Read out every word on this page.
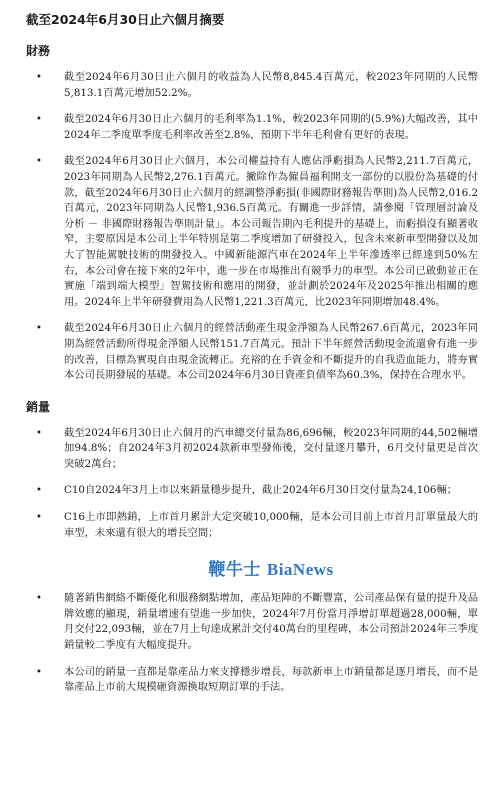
截至2024年6月30日止六個月摘要
財務
• 截至2024年6月30日止六個月的收益為人民幣8,845.4百萬元，較2023年同期的人民幣5,813.1百萬元增加52.2%。
• 截至2024年6月30日止六個月的毛利率為1.1%，較2023年同期的(5.9%)大幅改善，其中2024年二季度單季度毛利率改善至2.8%，預期下半年毛利會有更好的表現。
• 截至2024年6月30日止六個月，本公司權益持有人應佔淨虧損為人民幣2,211.7百萬元，2023年同期為人民幣2,276.1百萬元。撇除作為僱員福利開支一部份的以股份為基礎的付款，截至2024年6月30日止六個月的經調整淨虧損(非國際財務報告準則)為人民幣2,016.2百萬元，2023年同期為人民幣1,936.5百萬元。有關進一步詳情，請參閱「管理層討論及分析 － 非國際財務報告準則計量」。本公司報告期內毛利提升的基礎上，而虧損沒有顯著收窄，主要原因是本公司上半年特別是第二季度增加了研發投入，包含未來新車型開發以及加大了智能駕駛技術的開發投入。中國新能源汽車在2024年上半年滲透率已經達到50%左右，本公司會在接下來的2年中，進一步在市場推出有競爭力的車型。本公司已啟動並正在實施「端到端大模型」智駕技術和應用的開發，並計劃於2024年及2025年推出相關的應用。2024年上半年研發費用為人民幣1,221.3百萬元，比2023年同期增加48.4%。
• 截至2024年6月30日止六個月的經營活動產生現金淨額為人民幣267.6百萬元，2023年同期為經營活動所得現金淨額人民幣151.7百萬元。預計下半年經營活動現金流還會有進一步的改善，目標為實現自由現金流轉正。充裕的在手資金和不斷提升的自我造血能力，將夯實本公司長期發展的基礎。本公司2024年6月30日資產負債率為60.3%，保持在合理水平。
銷量
• 截至2024年6月30日止六個月的汽車總交付量為86,696輛，較2023年同期的44,502輛增加94.8%；自2024年3月初2024款新車型發佈後，交付量逐月攀升，6月交付量更是首次突破2萬台；
• C10自2024年3月上市以來銷量穩步提升，截止2024年6月30日交付量為24,106輛；
• C16上市即熱銷，上市首月累計大定突破10,000輛，是本公司目前上市首月訂單量最大的車型，未來還有很大的增長空間；
鞭牛士 BiaNews
• 隨著銷售網絡不斷優化和服務網點增加，產品矩陣的不斷豐富，公司產品保有量的提升及品牌效應的顯現，銷量增速有望進一步加快，2024年7月份當月淨增訂單超過28,000輛，單月交付22,093輛，並在7月上旬達成累計交付40萬台的里程碑，本公司預計2024年三季度銷量較二季度有大幅度提升。
• 本公司的銷量一直都是靠產品力來支撐穩步增長，每款新車上市銷量都是逐月增長，而不是靠產品上市前大規模砸資源換取短期訂單的手法。
